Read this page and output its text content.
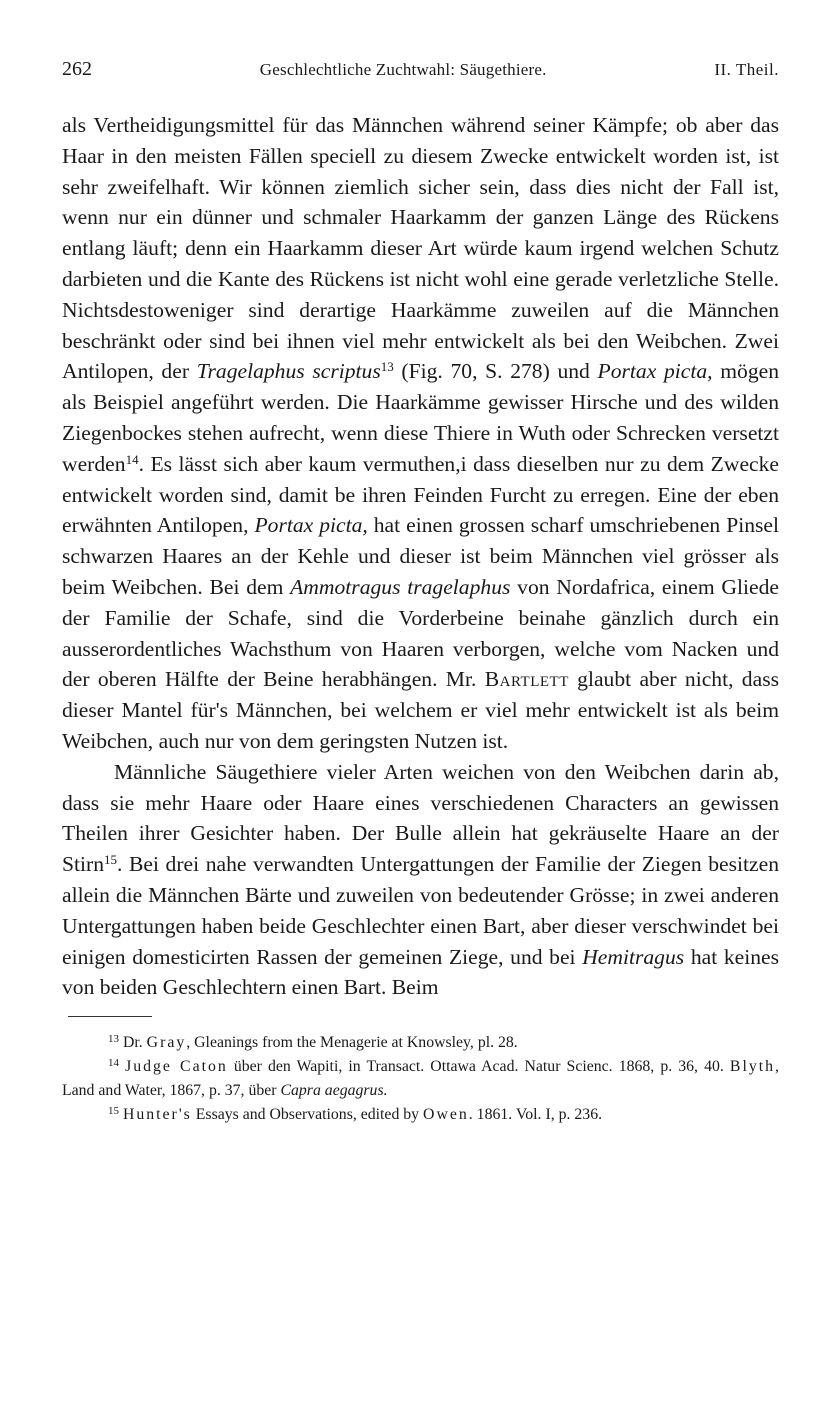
262	Geschlechtliche Zuchtwahl: Säugethiere.	II. Theil.

als Vertheidigungsmittel für das Männchen während seiner Kämpfe; ob aber das Haar in den meisten Fällen speciell zu diesem Zwecke entwickelt worden ist, ist sehr zweifelhaft. Wir können ziemlich sicher sein, dass dies nicht der Fall ist, wenn nur ein dünner und schmaler Haarkamm der ganzen Länge des Rückens entlang läuft; denn ein Haarkamm dieser Art würde kaum irgend welchen Schutz darbieten und die Kante des Rückens ist nicht wohl eine gerade verletzliche Stelle. Nichtsdestoweniger sind derartige Haarkämme zuweilen auf die Männchen beschränkt oder sind bei ihnen viel mehr entwickelt als bei den Weibchen. Zwei Antilopen, der Tragelaphus scriptus$^{13}$ (Fig. 70, S. 278) und Portax picta, mögen als Beispiel angeführt werden. Die Haarkämme gewisser Hirsche und des wilden Ziegenbockes stehen aufrecht, wenn diese Thiere in Wuth oder Schrecken versetzt werden$^{14}$. Es lässt sich aber kaum vermuthen,i dass dieselben nur zu dem Zwecke entwickelt worden sind, damit be ihren Feinden Furcht zu erregen. Eine der eben erwähnten Antilopen, Portax picta, hat einen grossen scharf umschriebenen Pinsel schwarzen Haares an der Kehle und dieser ist beim Männchen viel grösser als beim Weibchen. Bei dem Ammotragus tragelaphus von Nordafrica, einem Gliede der Familie der Schafe, sind die Vorderbeine beinahe gänzlich durch ein ausserordentliches Wachsthum von Haaren verborgen, welche vom Nacken und der oberen Hälfte der Beine herabhängen. Mr. Bartlett glaubt aber nicht, dass dieser Mantel für's Männchen, bei welchem er viel mehr entwickelt ist als beim Weibchen, auch nur von dem geringsten Nutzen ist.

Männliche Säugethiere vieler Arten weichen von den Weibchen darin ab, dass sie mehr Haare oder Haare eines verschiedenen Characters an gewissen Theilen ihrer Gesichter haben. Der Bulle allein hat gekräuselte Haare an der Stirn$^{15}$. Bei drei nahe verwandten Untergattungen der Familie der Ziegen besitzen allein die Männchen Bärte und zuweilen von bedeutender Grösse; in zwei anderen Untergattungen haben beide Geschlechter einen Bart, aber dieser verschwindet bei einigen domesticirten Rassen der gemeinen Ziege, und bei Hemitragus hat keines von beiden Geschlechtern einen Bart. Beim

$^{13}$ Dr. Gray, Gleanings from the Menagerie at Knowsley, pl. 28.

$^{14}$ Judge Caton über den Wapiti, in Transact. Ottawa Acad. Natur Scienc. 1868, p. 36, 40. Blyth, Land and Water, 1867, p. 37, über Capra aegagrus.

$^{15}$ Hunter's Essays and Observations, edited by Owen. 1861. Vol. I, p. 236.
